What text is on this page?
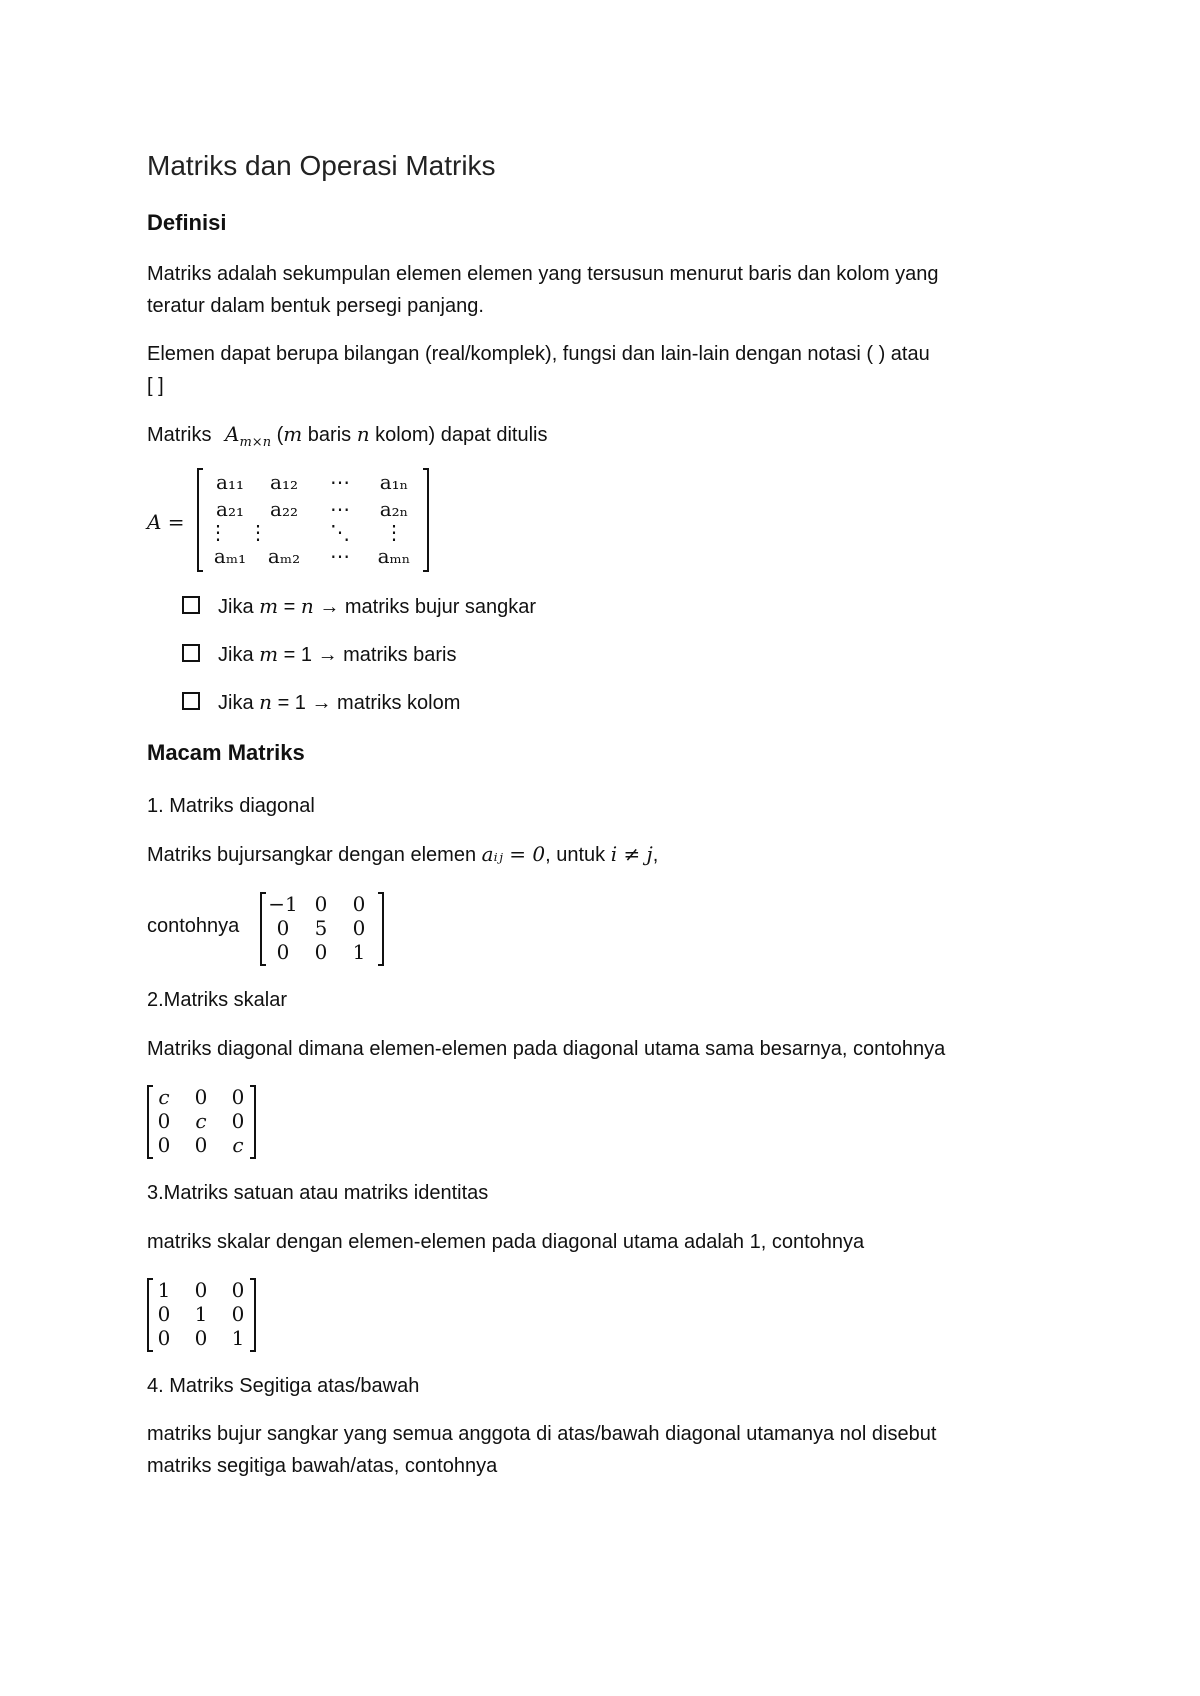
Matriks dan Operasi Matriks
Definisi

Matriks adalah sekumpulan elemen elemen yang tersusun menurut baris dan kolom yang

teratur dalam bentuk persegi panjang.

Elemen dapat berupa bilangan (real/komplek), fungsi dan lain-lain dengan notasi ( ) atau

[ ]

Matriks $A_{m\times n}$ (m baris n kolom) dapat ditulis

A =
a₁₁	a₁₂	⋯	a₁ₙ
a₂₁	a₂₂	⋯	a₂ₙ
⋮	⋮	⋱	⋮
aₘ₁	aₘ₂	⋯	aₘₙ

Jika m = n → matriks bujur sangkar

Jika m = 1 → matriks baris

Jika n = 1 → matriks kolom

Macam Matriks

1. Matriks diagonal

Matriks bujursangkar dengan elemen aᵢⱼ = 0, untuk i ≠ j,

contohnya
−1 0	0
0	5	0
0	0	1

2.Matriks skalar

Matriks diagonal dimana elemen-elemen pada diagonal utama sama besarnya, contohnya

c	0	0
0	c	0
0	0	c

3.Matriks satuan atau matriks identitas

matriks skalar dengan elemen-elemen pada diagonal utama adalah 1, contohnya

1	0	0
0	1	0
0	0	1

4. Matriks Segitiga atas/bawah

matriks bujur sangkar yang semua anggota di atas/bawah diagonal utamanya nol disebut

matriks segitiga bawah/atas, contohnya
